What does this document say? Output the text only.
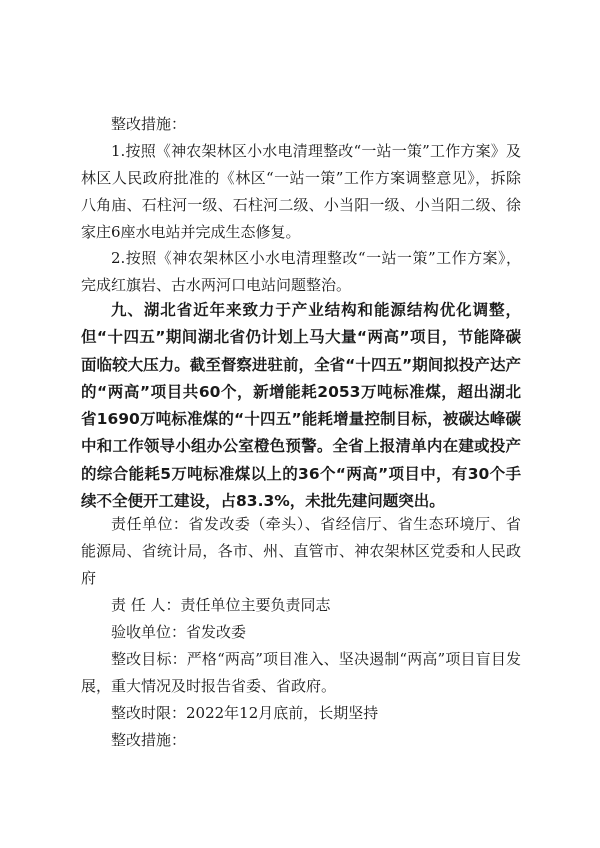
整改措施：

1.按照《神农架林区小水电清理整改“一站一策”工作方案》及林区人民政府批准的《林区“一站一策”工作方案调整意见》，拆除八角庙、石柱河一级、石柱河二级、小当阳一级、小当阳二级、徐家庄6座水电站并完成生态修复。

2.按照《神农架林区小水电清理整改“一站一策”工作方案》，完成红旗岩、古水两河口电站问题整治。

九、湖北省近年来致力于产业结构和能源结构优化调整，但“十四五”期间湖北省仍计划上马大量“两高”项目，节能降碳面临较大压力。截至督察进驻前，全省“十四五”期间拟投产达产的“两高”项目共60个，新增能耗2053万吨标准煤，超出湖北省1690万吨标准煤的“十四五”能耗增量控制目标，被碳达峰碳中和工作领导小组办公室橙色预警。全省上报清单内在建或投产的综合能耗5万吨标准煤以上的36个“两高”项目中，有30个手续不全便开工建设，占83.3%，未批先建问题突出。

责任单位：省发改委（牵头）、省经信厅、省生态环境厅、省能源局、省统计局，各市、州、直管市、神农架林区党委和人民政府

责 任 人：责任单位主要负责同志

验收单位：省发改委

整改目标：严格“两高”项目准入、坚决遏制“两高”项目盲目发展，重大情况及时报告省委、省政府。

整改时限：2022年12月底前，长期坚持

整改措施：
